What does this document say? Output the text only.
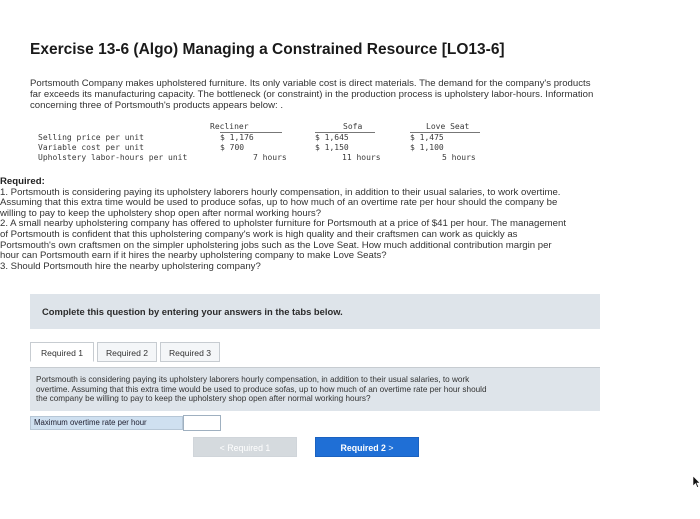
Exercise 13-6 (Algo) Managing a Constrained Resource [LO13-6]
Portsmouth Company makes upholstered furniture. Its only variable cost is direct materials. The demand for the company's products
far exceeds its manufacturing capacity. The bottleneck (or constraint) in the production process is upholstery labor-hours. Information
concerning three of Portsmouth's products appears below: .
Recliner	Sofa	Love Seat
Selling price per unit	$ 1,176	$ 1,645	$ 1,475
Variable cost per unit	$ 700	$ 1,150	$ 1,100
Upholstery labor-hours per unit	7 hours	11 hours	5 hours
Required:
1. Portsmouth is considering paying its upholstery laborers hourly compensation, in addition to their usual salaries, to work overtime.
Assuming that this extra time would be used to produce sofas, up to how much of an overtime rate per hour should the company be
willing to pay to keep the upholstery shop open after normal working hours?
2. A small nearby upholstering company has offered to upholster furniture for Portsmouth at a price of $41 per hour. The management
of Portsmouth is confident that this upholstering company's work is high quality and their craftsmen can work as quickly as
Portsmouth's own craftsmen on the simpler upholstering jobs such as the Love Seat. How much additional contribution margin per
hour can Portsmouth earn if it hires the nearby upholstering company to make Love Seats?
3. Should Portsmouth hire the nearby upholstering company?
Complete this question by entering your answers in the tabs below.
Required 1	Required 2	Required 3
Portsmouth is considering paying its upholstery laborers hourly compensation, in addition to their usual salaries, to work
overtime. Assuming that this extra time would be used to produce sofas, up to how much of an overtime rate per hour should
the company be willing to pay to keep the upholstery shop open after normal working hours?
Maximum overtime rate per hour
< Required 1	Required 2 >
